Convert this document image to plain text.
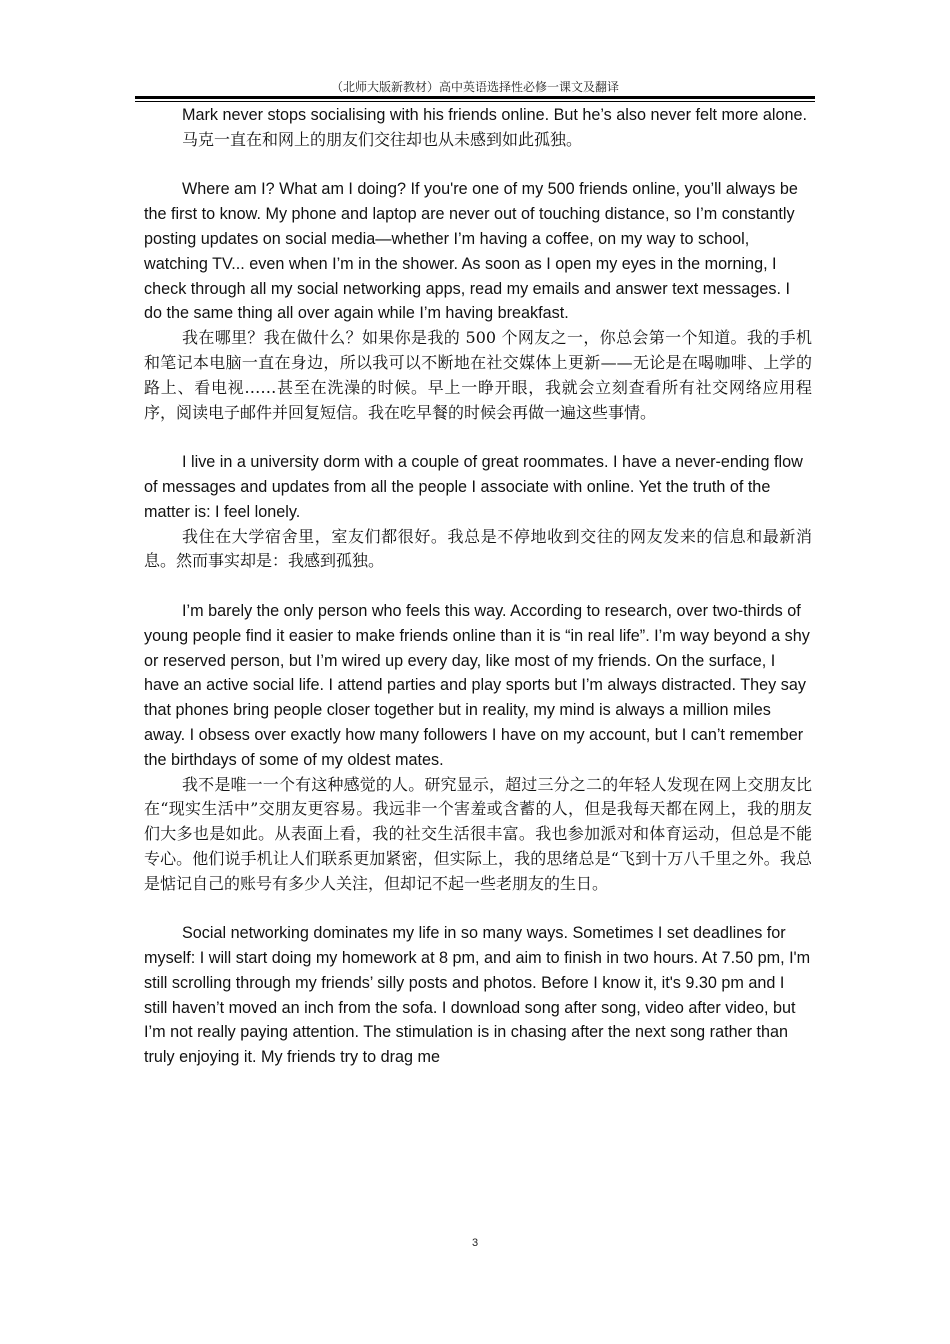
（北师大版新教材）高中英语选择性必修一课文及翻译

Mark never stops socialising with his friends online. But he’s also never felt more alone.

马克一直在和网上的朋友们交往却也从未感到如此孤独。

Where am I? What am I doing? If you're one of my 500 friends online, you’ll always be the first to know. My phone and laptop are never out of touching distance, so I’m constantly posting updates on social media—whether I’m having a coffee, on my way to school, watching TV... even when I’m in the shower. As soon as I open my eyes in the morning, I check through all my social networking apps, read my emails and answer text messages. I do the same thing all over again while I’m having breakfast.

我在哪里？我在做什么？如果你是我的 500 个网友之一，你总会第一个知道。我的手机和笔记本电脑一直在身边，所以我可以不断地在社交媒体上更新——无论是在喝咖啡、上学的路上、看电视……甚至在洗澡的时候。早上一睁开眼，我就会立刻查看所有社交网络应用程序，阅读电子邮件并回复短信。我在吃早餐的时候会再做一遍这些事情。

I live in a university dorm with a couple of great roommates. I have a never-ending flow of messages and updates from all the people I associate with online. Yet the truth of the matter is: I feel lonely.

我住在大学宿舍里，室友们都很好。我总是不停地收到交往的网友发来的信息和最新消息。然而事实却是：我感到孤独。

I’m barely the only person who feels this way. According to research, over two-thirds of young people find it easier to make friends online than it is “in real life”. I’m way beyond a shy or reserved person, but I’m wired up every day, like most of my friends. On the surface, I have an active social life. I attend parties and play sports but I’m always distracted. They say that phones bring people closer together but in reality, my mind is always a million miles away. I obsess over exactly how many followers I have on my account, but I can’t remember the birthdays of some of my oldest mates.

我不是唯一一个有这种感觉的人。研究显示，超过三分之二的年轻人发现在网上交朋友比在“现实生活中”交朋友更容易。我远非一个害羞或含蓄的人，但是我每天都在网上，我的朋友们大多也是如此。从表面上看，我的社交生活很丰富。我也参加派对和体育运动，但总是不能专心。他们说手机让人们联系更加紧密，但实际上，我的思绪总是“飞到十万八千里之外。我总是惦记自己的账号有多少人关注，但却记不起一些老朋友的生日。

Social networking dominates my life in so many ways. Sometimes I set deadlines for myself: I will start doing my homework at 8 pm, and aim to finish in two hours. At 7.50 pm, I'm still scrolling through my friends’ silly posts and photos. Before I know it, it's 9.30 pm and I still haven’t moved an inch from the sofa. I download song after song, video after video, but I’m not really paying attention. The stimulation is in chasing after the next song rather than truly enjoying it. My friends try to drag me

3
